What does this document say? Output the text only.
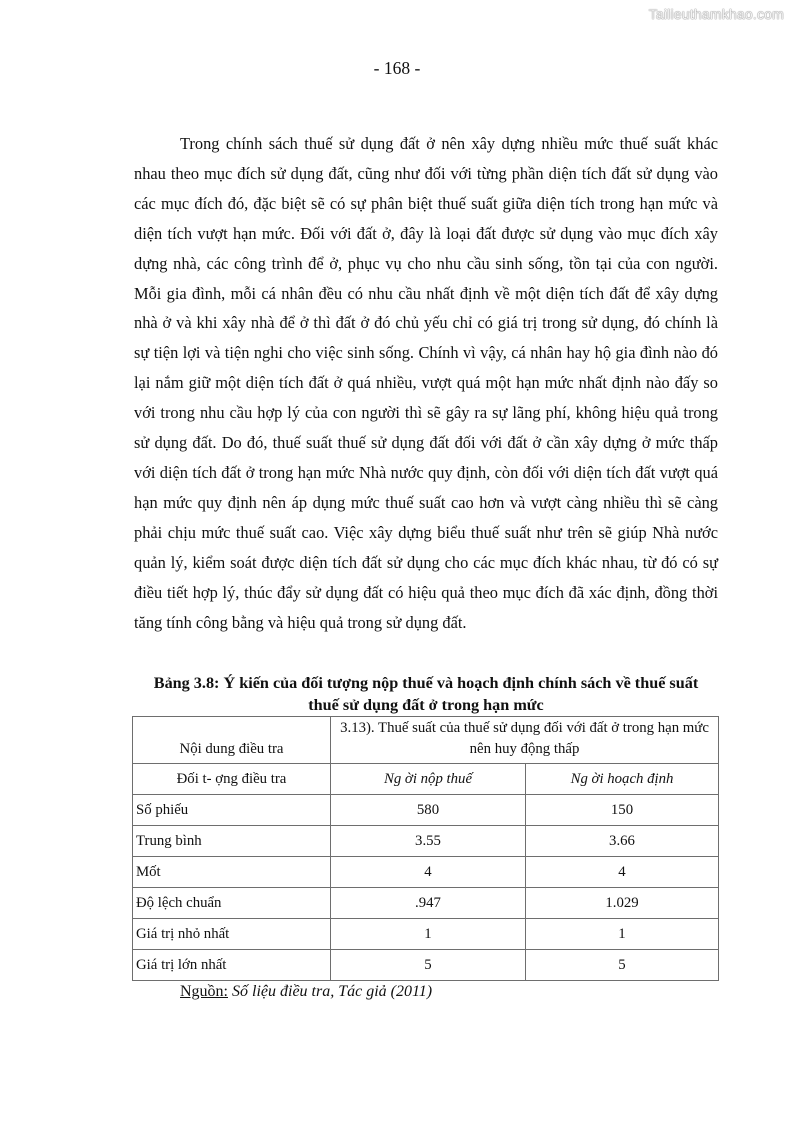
Tailieuthamkhao.com
- 168 -

Trong chính sách thuế sử dụng đất ở nên xây dựng nhiều mức thuế suất khác nhau theo mục đích sử dụng đất, cũng như đối với từng phần diện tích đất sử dụng vào các mục đích đó, đặc biệt sẽ có sự phân biệt thuế suất giữa diện tích trong hạn mức và diện tích vượt hạn mức. Đối với đất ở, đây là loại đất được sử dụng vào mục đích xây dựng nhà, các công trình để ở, phục vụ cho nhu cầu sinh sống, tồn tại của con người. Mỗi gia đình, mỗi cá nhân đều có nhu cầu nhất định về một diện tích đất để xây dựng nhà ở và khi xây nhà để ở thì đất ở đó chủ yếu chỉ có giá trị trong sử dụng, đó chính là sự tiện lợi và tiện nghi cho việc sinh sống. Chính vì vậy, cá nhân hay hộ gia đình nào đó lại nắm giữ một diện tích đất ở quá nhiều, vượt quá một hạn mức nhất định nào đấy so với trong nhu cầu hợp lý của con người thì sẽ gây ra sự lãng phí, không hiệu quả trong sử dụng đất. Do đó, thuế suất thuế sử dụng đất đối với đất ở cần xây dựng ở mức thấp với diện tích đất ở trong hạn mức Nhà nước quy định, còn đối với diện tích đất vượt quá hạn mức quy định nên áp dụng mức thuế suất cao hơn và vượt càng nhiều thì sẽ càng phải chịu mức thuế suất cao. Việc xây dựng biểu thuế suất như trên sẽ giúp Nhà nước quản lý, kiểm soát được diện tích đất sử dụng cho các mục đích khác nhau, từ đó có sự điều tiết hợp lý, thúc đẩy sử dụng đất có hiệu quả theo mục đích đã xác định, đồng thời tăng tính công bằng và hiệu quả trong sử dụng đất.

Bảng 3.8: Ý kiến của đối tượng nộp thuế và hoạch định chính sách về thuế suất
thuế sử dụng đất ở trong hạn mức
Nội dung điều tra	3.13). Thuế suất của thuế sử dụng đối với đất ở trong hạn mức nên huy động thấp	
Đối t- ợng điều tra	Ng ời nộp thuế	Ng ời hoạch định
Số phiếu	580	150
Trung bình	3.55	3.66
Mốt	4	4
Độ lệch chuẩn	.947	1.029
Giá trị nhỏ nhất	1	1
Giá trị lớn nhất	5	5
Nguồn: Số liệu điều tra, Tác giả (2011)
